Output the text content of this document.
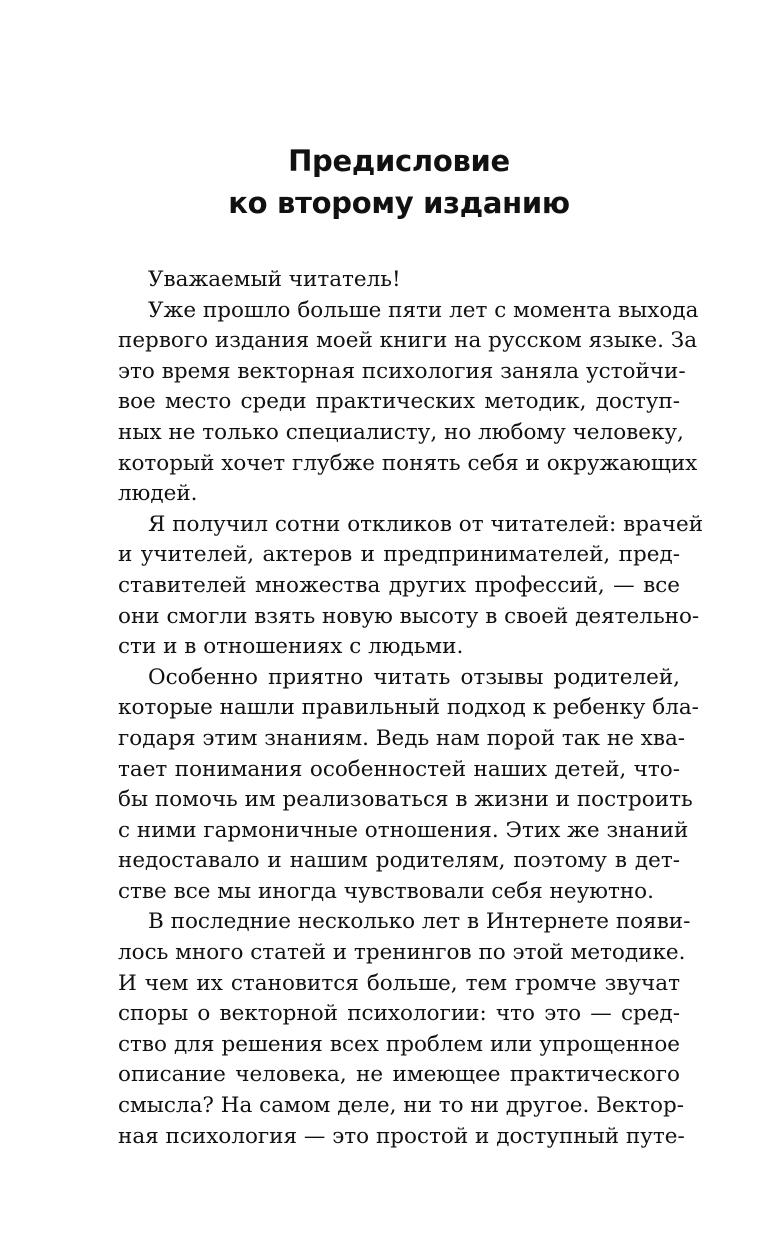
Предисловие
ко второму изданию
Уважаемый читатель!
Уже прошло больше пяти лет с момента выхода
первого издания моей книги на русском языке. За
это время векторная психология заняла устойчи-
вое место среди практических методик, доступ-
ных не только специалисту, но любому человеку,
который хочет глубже понять себя и окружающих
людей.
Я получил сотни откликов от читателей: врачей
и учителей, актеров и предпринимателей, пред-
ставителей множества других профессий, — все
они смогли взять новую высоту в своей деятельно-
сти и в отношениях с людьми.
Особенно приятно читать отзывы родителей,
которые нашли правильный подход к ребенку бла-
годаря этим знаниям. Ведь нам порой так не хва-
тает понимания особенностей наших детей, что-
бы помочь им реализоваться в жизни и построить
с ними гармоничные отношения. Этих же знаний
недоставало и нашим родителям, поэтому в дет-
стве все мы иногда чувствовали себя неуютно.
В последние несколько лет в Интернете появи-
лось много статей и тренингов по этой методике.
И чем их становится больше, тем громче звучат
споры о векторной психологии: что это — сред-
ство для решения всех проблем или упрощенное
описание человека, не имеющее практического
смысла? На самом деле, ни то ни другое. Вектор-
ная психология — это простой и доступный путе-
